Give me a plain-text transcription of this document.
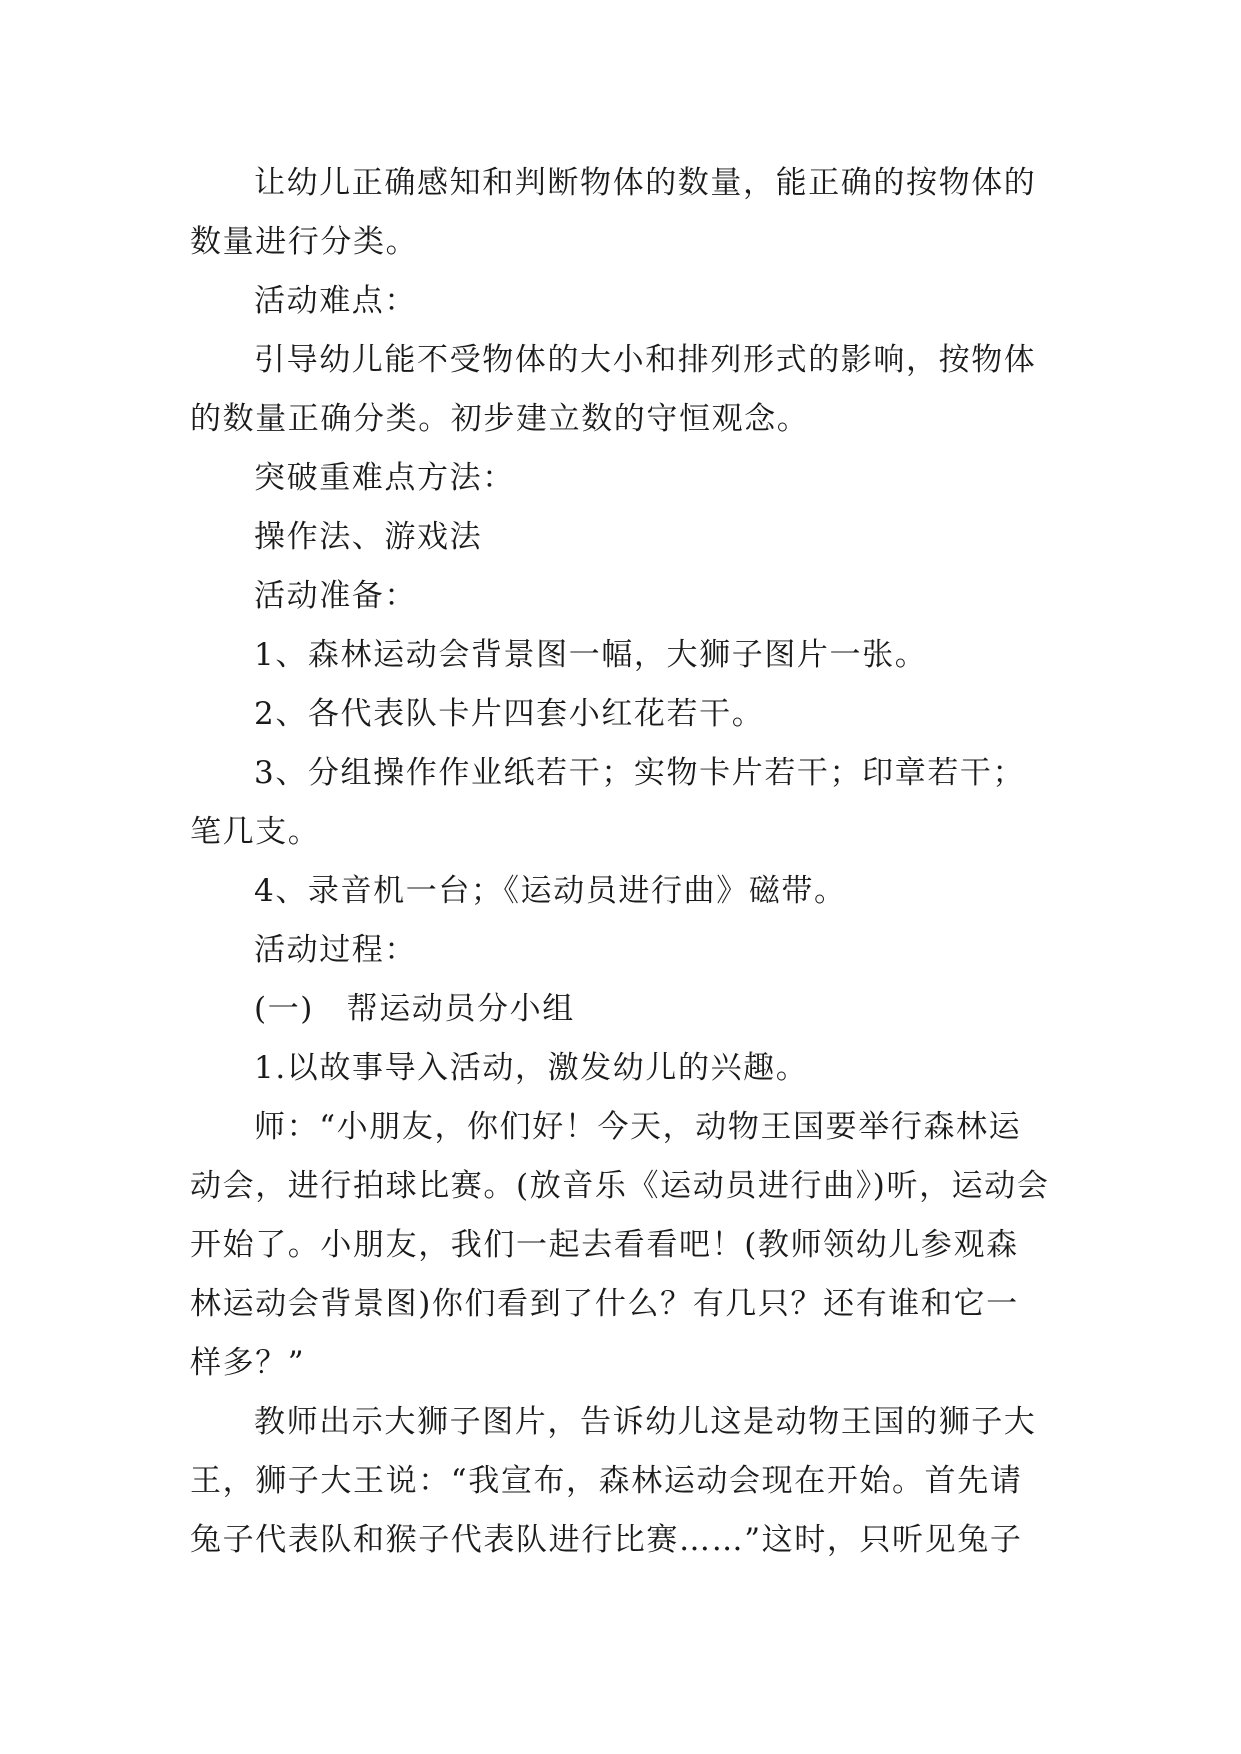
让幼儿正确感知和判断物体的数量，能正确的按物体的数量进行分类。

活动难点：

引导幼儿能不受物体的大小和排列形式的影响，按物体的数量正确分类。初步建立数的守恒观念。

突破重难点方法：

操作法、游戏法

活动准备：

1、森林运动会背景图一幅，大狮子图片一张。

2、各代表队卡片四套小红花若干。

3、分组操作作业纸若干；实物卡片若干；印章若干；笔几支。

4、录音机一台；《运动员进行曲》磁带。

活动过程：

(一)　帮运动员分小组

1.以故事导入活动，激发幼儿的兴趣。

师：“小朋友，你们好！今天，动物王国要举行森林运动会，进行拍球比赛。(放音乐《运动员进行曲》)听，运动会开始了。小朋友，我们一起去看看吧！(教师领幼儿参观森林运动会背景图)你们看到了什么？有几只？还有谁和它一样多？”

教师出示大狮子图片，告诉幼儿这是动物王国的狮子大王，狮子大王说：“我宣布，森林运动会现在开始。首先请兔子代表队和猴子代表队进行比赛……”这时，只听见兔子
